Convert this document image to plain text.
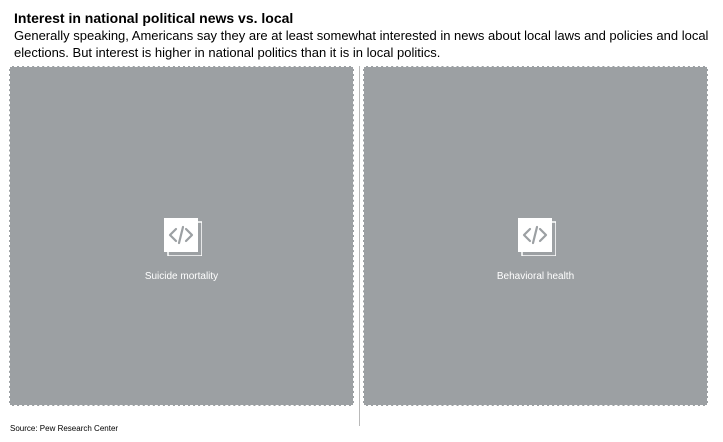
Interest in national political news vs. local
Generally speaking, Americans say they are at least somewhat interested in news about local laws and policies and local elections. But interest is higher in national politics than it is in local politics.
Suicide mortality	Behavioral health
Source: Pew Research Center
